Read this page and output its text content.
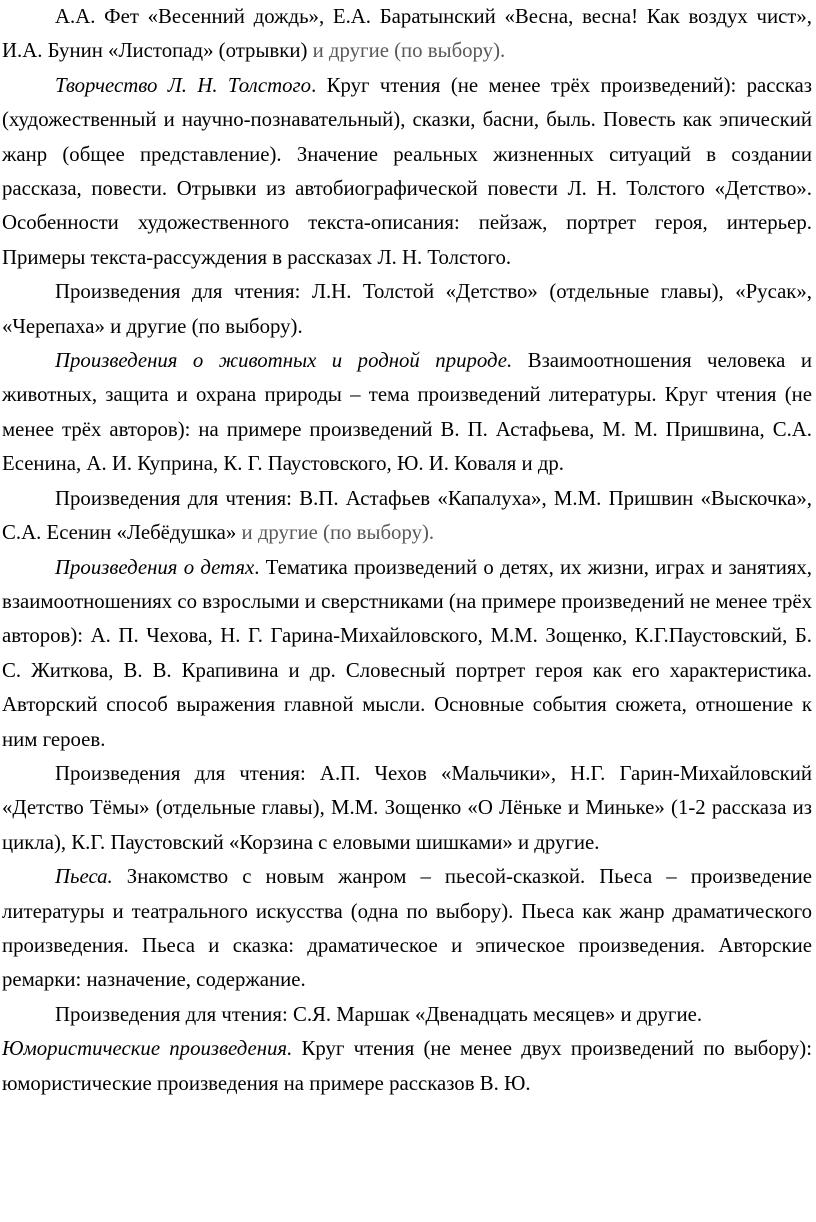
А.А. Фет «Весенний дождь», Е.А. Баратынский «Весна, весна! Как воздух чист», И.А. Бунин «Листопад» (отрывки) и другие (по выбору).

Творчество Л. Н. Толстого. Круг чтения (не менее трёх произведений): рассказ (художественный и научно-познавательный), сказки, басни, быль. Повесть как эпический жанр (общее представление). Значение реальных жизненных ситуаций в создании рассказа, повести. Отрывки из автобиографической повести Л. Н. Толстого «Детство». Особенности художественного текста-описания: пейзаж, портрет героя, интерьер. Примеры текста-рассуждения в рассказах Л. Н. Толстого.

Произведения для чтения: Л.Н. Толстой «Детство» (отдельные главы), «Русак», «Черепаха» и другие (по выбору).

Произведения о животных и родной природе. Взаимоотношения человека и животных, защита и охрана природы – тема произведений литературы. Круг чтения (не менее трёх авторов): на примере произведений В. П. Астафьева, М. М. Пришвина, С.А. Есенина, А. И. Куприна, К. Г. Паустовского, Ю. И. Коваля и др.

Произведения для чтения: В.П. Астафьев «Капалуха», М.М. Пришвин «Выскочка», С.А. Есенин «Лебёдушка» и другие (по выбору).

Произведения о детях. Тематика произведений о детях, их жизни, играх и занятиях, взаимоотношениях со взрослыми и сверстниками (на примере произведений не менее трёх авторов): А. П. Чехова, Н. Г. Гарина-Михайловского, М.М. Зощенко, К.Г.Паустовский, Б. С. Житкова, В. В. Крапивина и др. Словесный портрет героя как его характеристика. Авторский способ выражения главной мысли. Основные события сюжета, отношение к ним героев.

Произведения для чтения: А.П. Чехов «Мальчики», Н.Г. Гарин-Михайловский «Детство Тёмы» (отдельные главы), М.М. Зощенко «О Лёньке и Миньке» (1-2 рассказа из цикла), К.Г. Паустовский «Корзина с еловыми шишками» и другие.

Пьеса. Знакомство с новым жанром – пьесой-сказкой. Пьеса – произведение литературы и театрального искусства (одна по выбору). Пьеса как жанр драматического произведения. Пьеса и сказка: драматическое и эпическое произведения. Авторские ремарки: назначение, содержание.

Произведения для чтения: С.Я. Маршак «Двенадцать месяцев» и другие.

Юмористические произведения. Круг чтения (не менее двух произведений по выбору): юмористические произведения на примере рассказов В. Ю.
